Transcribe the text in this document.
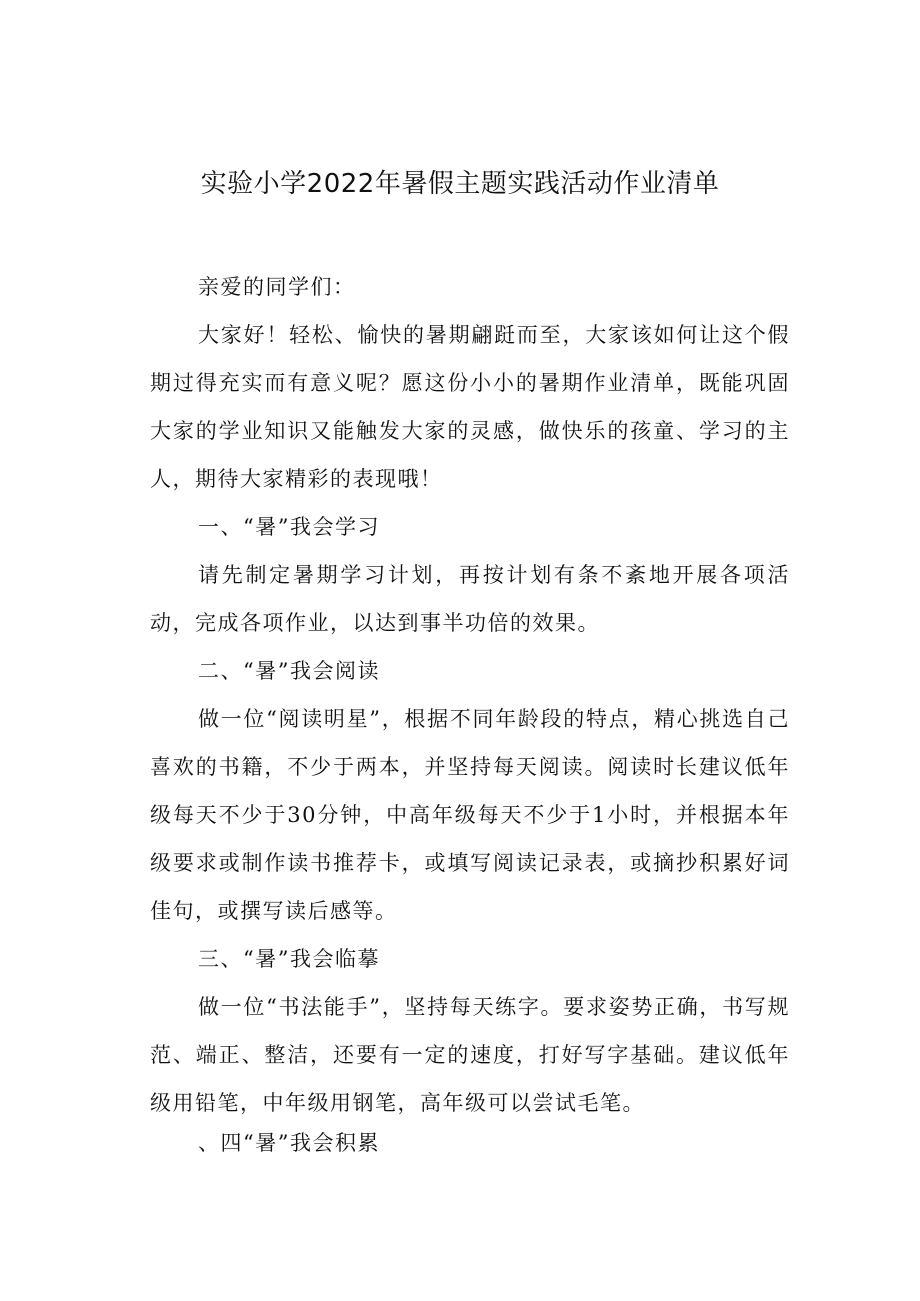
实验小学2022年暑假主题实践活动作业清单

亲爱的同学们：

大家好！轻松、愉快的暑期翩跹而至，大家该如何让这个假期过得充实而有意义呢？愿这份小小的暑期作业清单，既能巩固大家的学业知识又能触发大家的灵感，做快乐的孩童、学习的主人，期待大家精彩的表现哦！

一、“暑”我会学习

请先制定暑期学习计划，再按计划有条不紊地开展各项活动，完成各项作业，以达到事半功倍的效果。

二、“暑”我会阅读

做一位“阅读明星”，根据不同年龄段的特点，精心挑选自己喜欢的书籍，不少于两本，并坚持每天阅读。阅读时长建议低年级每天不少于30分钟，中高年级每天不少于1小时，并根据本年级要求或制作读书推荐卡，或填写阅读记录表，或摘抄积累好词佳句，或撰写读后感等。

三、“暑”我会临摹

做一位“书法能手”，坚持每天练字。要求姿势正确，书写规范、端正、整洁，还要有一定的速度，打好写字基础。建议低年级用铅笔，中年级用钢笔，高年级可以尝试毛笔。

、四“暑”我会积累
